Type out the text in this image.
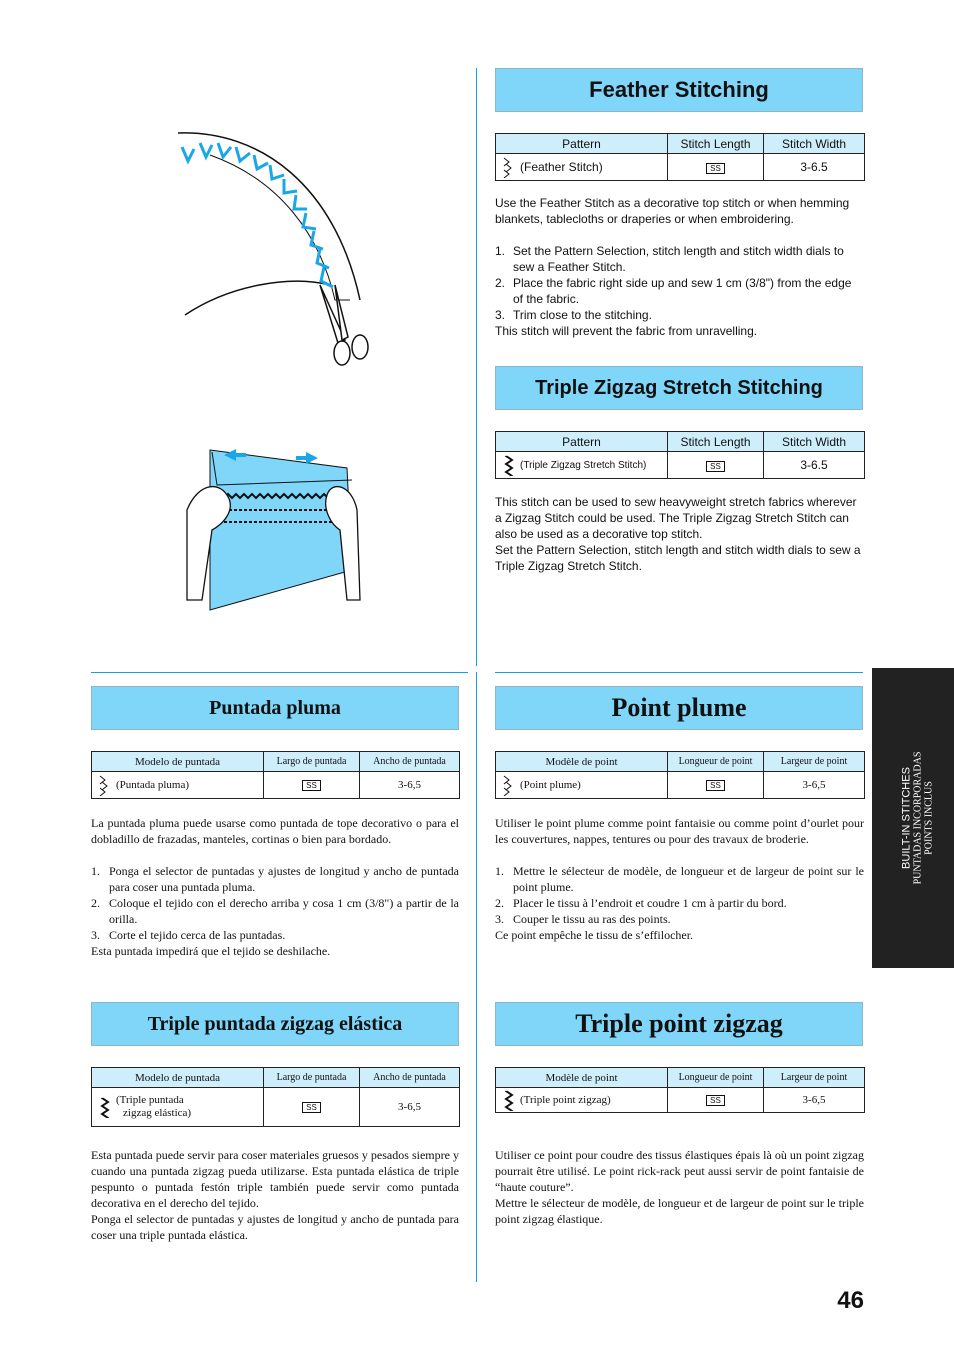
Feather Stitching
Pattern	Stitch Length	Stitch Width

(Feather Stitch)	SS	3-6.5

Use the Feather Stitch as a decorative top stitch or when hemming blankets, tablecloths or draperies or when embroidering.

1. Set the Pattern Selection, stitch length and stitch width dials to sew a Feather Stitch.
2. Place the fabric right side up and sew 1 cm (3/8") from the edge of the fabric.
3. Trim close to the stitching.

This stitch will prevent the fabric from unravelling.

Triple Zigzag Stretch Stitching
Pattern	Stitch Length	Stitch Width

(Triple Zigzag Stretch Stitch)	SS	3-6.5

This stitch can be used to sew heavyweight stretch fabrics wherever a Zigzag Stitch could be used. The Triple Zigzag Stretch Stitch can also be used as a decorative top stitch.

Set the Pattern Selection, stitch length and stitch width dials to sew a Triple Zigzag Stretch Stitch.

Puntada pluma
Modelo de puntada	Largo de puntada	Ancho de puntada

(Puntada pluma)	SS	3-6,5

La puntada pluma puede usarse como puntada de tope decorativo o para el dobladillo de frazadas, manteles, cortinas o bien para bordado.

1. Ponga el selector de puntadas y ajustes de longitud y ancho de puntada para coser una puntada pluma.
2. Coloque el tejido con el derecho arriba y cosa 1 cm (3/8") a partir de la orilla.
3. Corte el tejido cerca de las puntadas.

Esta puntada impedirá que el tejido se deshilache.

Triple puntada zigzag elástica
Modelo de puntada	Largo de puntada	Ancho de puntada

(Triple puntada
zigzag elástica)	SS	3-6,5

Esta puntada puede servir para coser materiales gruesos y pesados siempre y cuando una puntada zigzag pueda utilizarse. Esta puntada elástica de triple pespunto o puntada festón triple también puede servir como puntada decorativa en el derecho del tejido.

Ponga el selector de puntadas y ajustes de longitud y ancho de puntada para coser una triple puntada elástica.

Point plume
Modèle de point	Longueur de point	Largeur de point

(Point plume)	SS	3-6,5

Utiliser le point plume comme point fantaisie ou comme point d’ourlet pour les couvertures, nappes, tentures ou pour des travaux de broderie.

1. Mettre le sélecteur de modèle, de longueur et de largeur de point sur le point plume.
2. Placer le tissu à l’endroit et coudre 1 cm à partir du bord.
3. Couper le tissu au ras des points.

Ce point empêche le tissu de s’effilocher.

Triple point zigzag
Modèle de point	Longueur de point	Largeur de point

(Triple point zigzag)	SS	3-6,5

Utiliser ce point pour coudre des tissus élastiques épais là où un point zigzag pourrait être utilisé. Le point rick-rack peut aussi servir de point fantaisie de “haute couture”.

Mettre le sélecteur de modèle, de longueur et de largeur de point sur le triple point zigzag élastique.

BUILT-IN STITCHES PUNTADAS INCORPORADAS POINTS INCLUS
46
